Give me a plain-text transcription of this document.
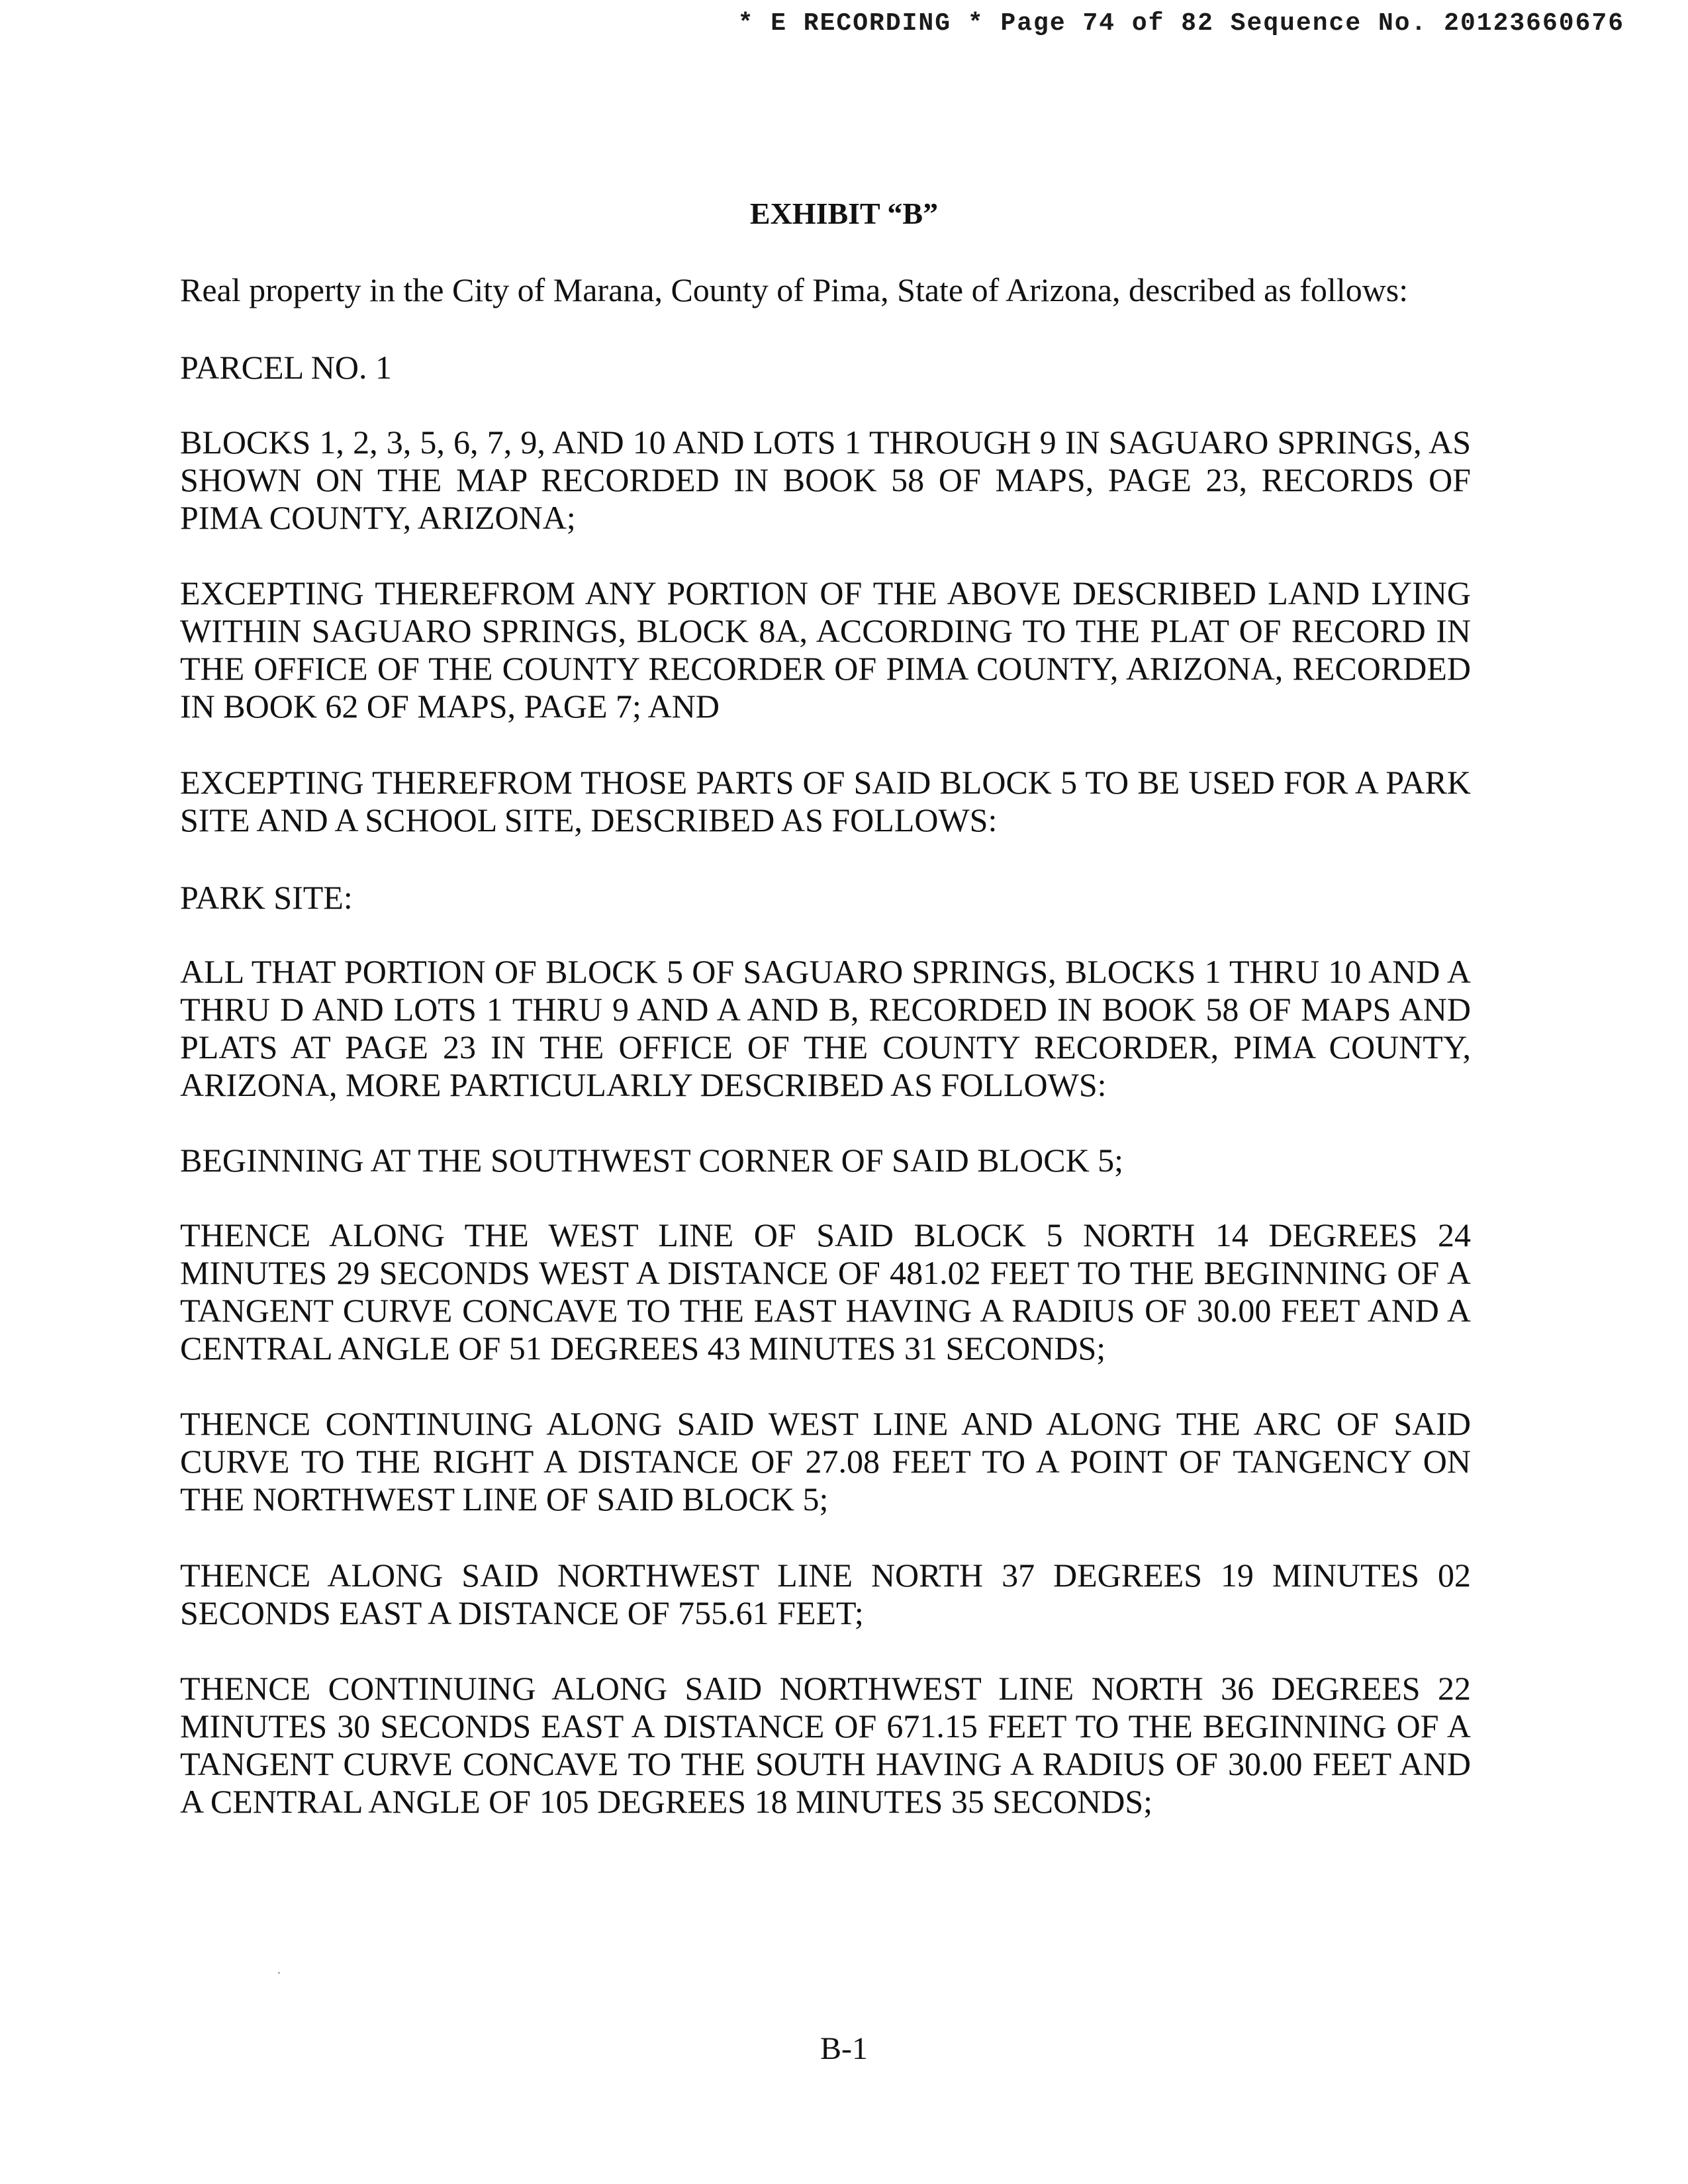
* E RECORDING * Page 74 of 82 Sequence No. 20123660676
EXHIBIT “B”
Real property in the City of Marana, County of Pima, State of Arizona, described as follows:
PARCEL NO. 1
BLOCKS 1, 2, 3, 5, 6, 7, 9, AND 10 AND LOTS 1 THROUGH 9 IN SAGUARO SPRINGS, AS SHOWN ON THE MAP RECORDED IN BOOK 58 OF MAPS, PAGE 23, RECORDS OF PIMA COUNTY, ARIZONA;
EXCEPTING THEREFROM ANY PORTION OF THE ABOVE DESCRIBED LAND LYING WITHIN SAGUARO SPRINGS, BLOCK 8A, ACCORDING TO THE PLAT OF RECORD IN THE OFFICE OF THE COUNTY RECORDER OF PIMA COUNTY, ARIZONA, RECORDED IN BOOK 62 OF MAPS, PAGE 7; AND
EXCEPTING THEREFROM THOSE PARTS OF SAID BLOCK 5 TO BE USED FOR A PARK SITE AND A SCHOOL SITE, DESCRIBED AS FOLLOWS:
PARK SITE:
ALL THAT PORTION OF BLOCK 5 OF SAGUARO SPRINGS, BLOCKS 1 THRU 10 AND A THRU D AND LOTS 1 THRU 9 AND A AND B, RECORDED IN BOOK 58 OF MAPS AND PLATS AT PAGE 23 IN THE OFFICE OF THE COUNTY RECORDER, PIMA COUNTY, ARIZONA, MORE PARTICULARLY DESCRIBED AS FOLLOWS:
BEGINNING AT THE SOUTHWEST CORNER OF SAID BLOCK 5;
THENCE ALONG THE WEST LINE OF SAID BLOCK 5 NORTH 14 DEGREES 24 MINUTES 29 SECONDS WEST A DISTANCE OF 481.02 FEET TO THE BEGINNING OF A TANGENT CURVE CONCAVE TO THE EAST HAVING A RADIUS OF 30.00 FEET AND A CENTRAL ANGLE OF 51 DEGREES 43 MINUTES 31 SECONDS;
THENCE CONTINUING ALONG SAID WEST LINE AND ALONG THE ARC OF SAID CURVE TO THE RIGHT A DISTANCE OF 27.08 FEET TO A POINT OF TANGENCY ON THE NORTHWEST LINE OF SAID BLOCK 5;
THENCE ALONG SAID NORTHWEST LINE NORTH 37 DEGREES 19 MINUTES 02 SECONDS EAST A DISTANCE OF 755.61 FEET;
THENCE CONTINUING ALONG SAID NORTHWEST LINE NORTH 36 DEGREES 22 MINUTES 30 SECONDS EAST A DISTANCE OF 671.15 FEET TO THE BEGINNING OF A TANGENT CURVE CONCAVE TO THE SOUTH HAVING A RADIUS OF 30.00 FEET AND A CENTRAL ANGLE OF 105 DEGREES 18 MINUTES 35 SECONDS;
B-1
